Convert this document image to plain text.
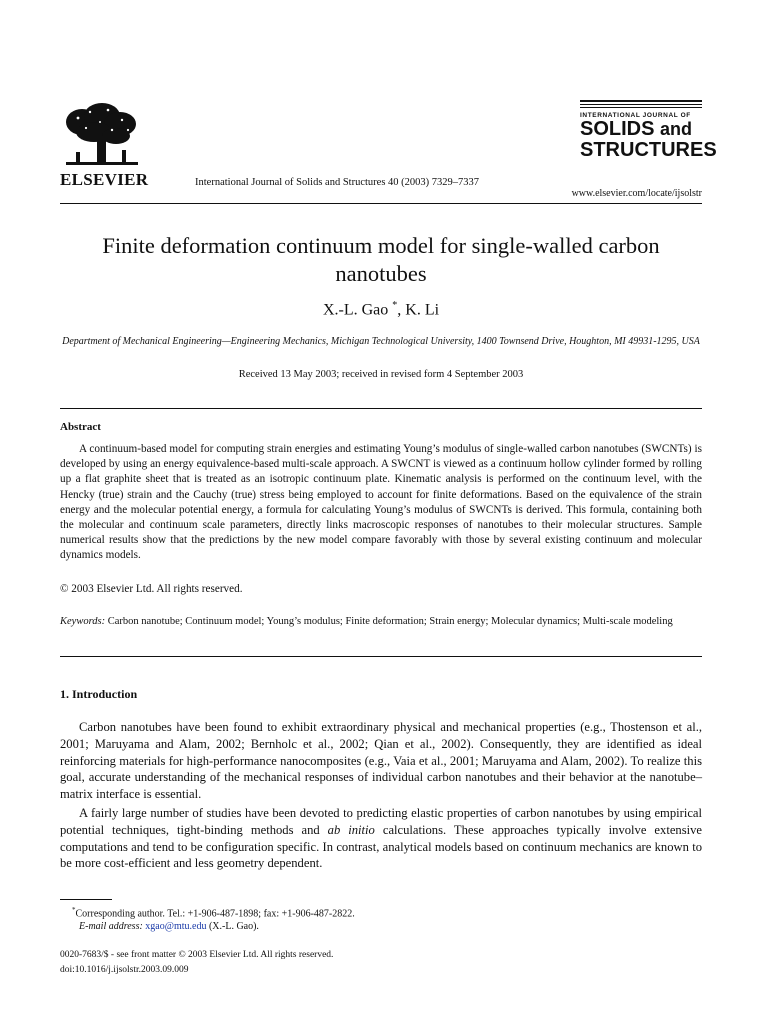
ELSEVIER	International Journal of Solids and Structures 40 (2003) 7329–7337
INTERNATIONAL JOURNAL OF
SOLIDS and
STRUCTURES
www.elsevier.com/locate/ijsolstr
Finite deformation continuum model for single-walled carbon nanotubes
X.-L. Gao *, K. Li
Department of Mechanical Engineering—Engineering Mechanics, Michigan Technological University, 1400 Townsend Drive, Houghton, MI 49931-1295, USA
Received 13 May 2003; received in revised form 4 September 2003
Abstract

A continuum-based model for computing strain energies and estimating Young’s modulus of single-walled carbon nanotubes (SWCNTs) is developed by using an energy equivalence-based multi-scale approach. A SWCNT is viewed as a continuum hollow cylinder formed by rolling up a flat graphite sheet that is treated as an isotropic continuum plate. Kinematic analysis is performed on the continuum level, with the Hencky (true) strain and the Cauchy (true) stress being employed to account for finite deformations. Based on the equivalence of the strain energy and the molecular potential energy, a formula for calculating Young’s modulus of SWCNTs is derived. This formula, containing both the molecular and continuum scale parameters, directly links macroscopic responses of nanotubes to their molecular structures. Sample numerical results show that the predictions by the new model compare favorably with those by several existing continuum and molecular dynamics models.

© 2003 Elsevier Ltd. All rights reserved.
Keywords: Carbon nanotube; Continuum model; Young’s modulus; Finite deformation; Strain energy; Molecular dynamics; Multi-scale modeling
1. Introduction

Carbon nanotubes have been found to exhibit extraordinary physical and mechanical properties (e.g., Thostenson et al., 2001; Maruyama and Alam, 2002; Bernholc et al., 2002; Qian et al., 2002). Consequently, they are identified as ideal reinforcing materials for high-performance nanocomposites (e.g., Vaia et al., 2001; Maruyama and Alam, 2002). To realize this goal, accurate understanding of the mechanical responses of individual carbon nanotubes and their behavior at the nanotube–matrix interface is essential.

A fairly large number of studies have been devoted to predicting elastic properties of carbon nanotubes by using empirical potential techniques, tight-binding methods and ab initio calculations. These approaches typically involve extensive computations and tend to be configuration specific. In contrast, analytical models based on continuum mechanics are known to be more cost-efficient and less geometry dependent.

*Corresponding author. Tel.: +1-906-487-1898; fax: +1-906-487-2822.
E-mail address: xgao@mtu.edu (X.-L. Gao).
0020-7683/$ - see front matter © 2003 Elsevier Ltd. All rights reserved.
doi:10.1016/j.ijsolstr.2003.09.009
